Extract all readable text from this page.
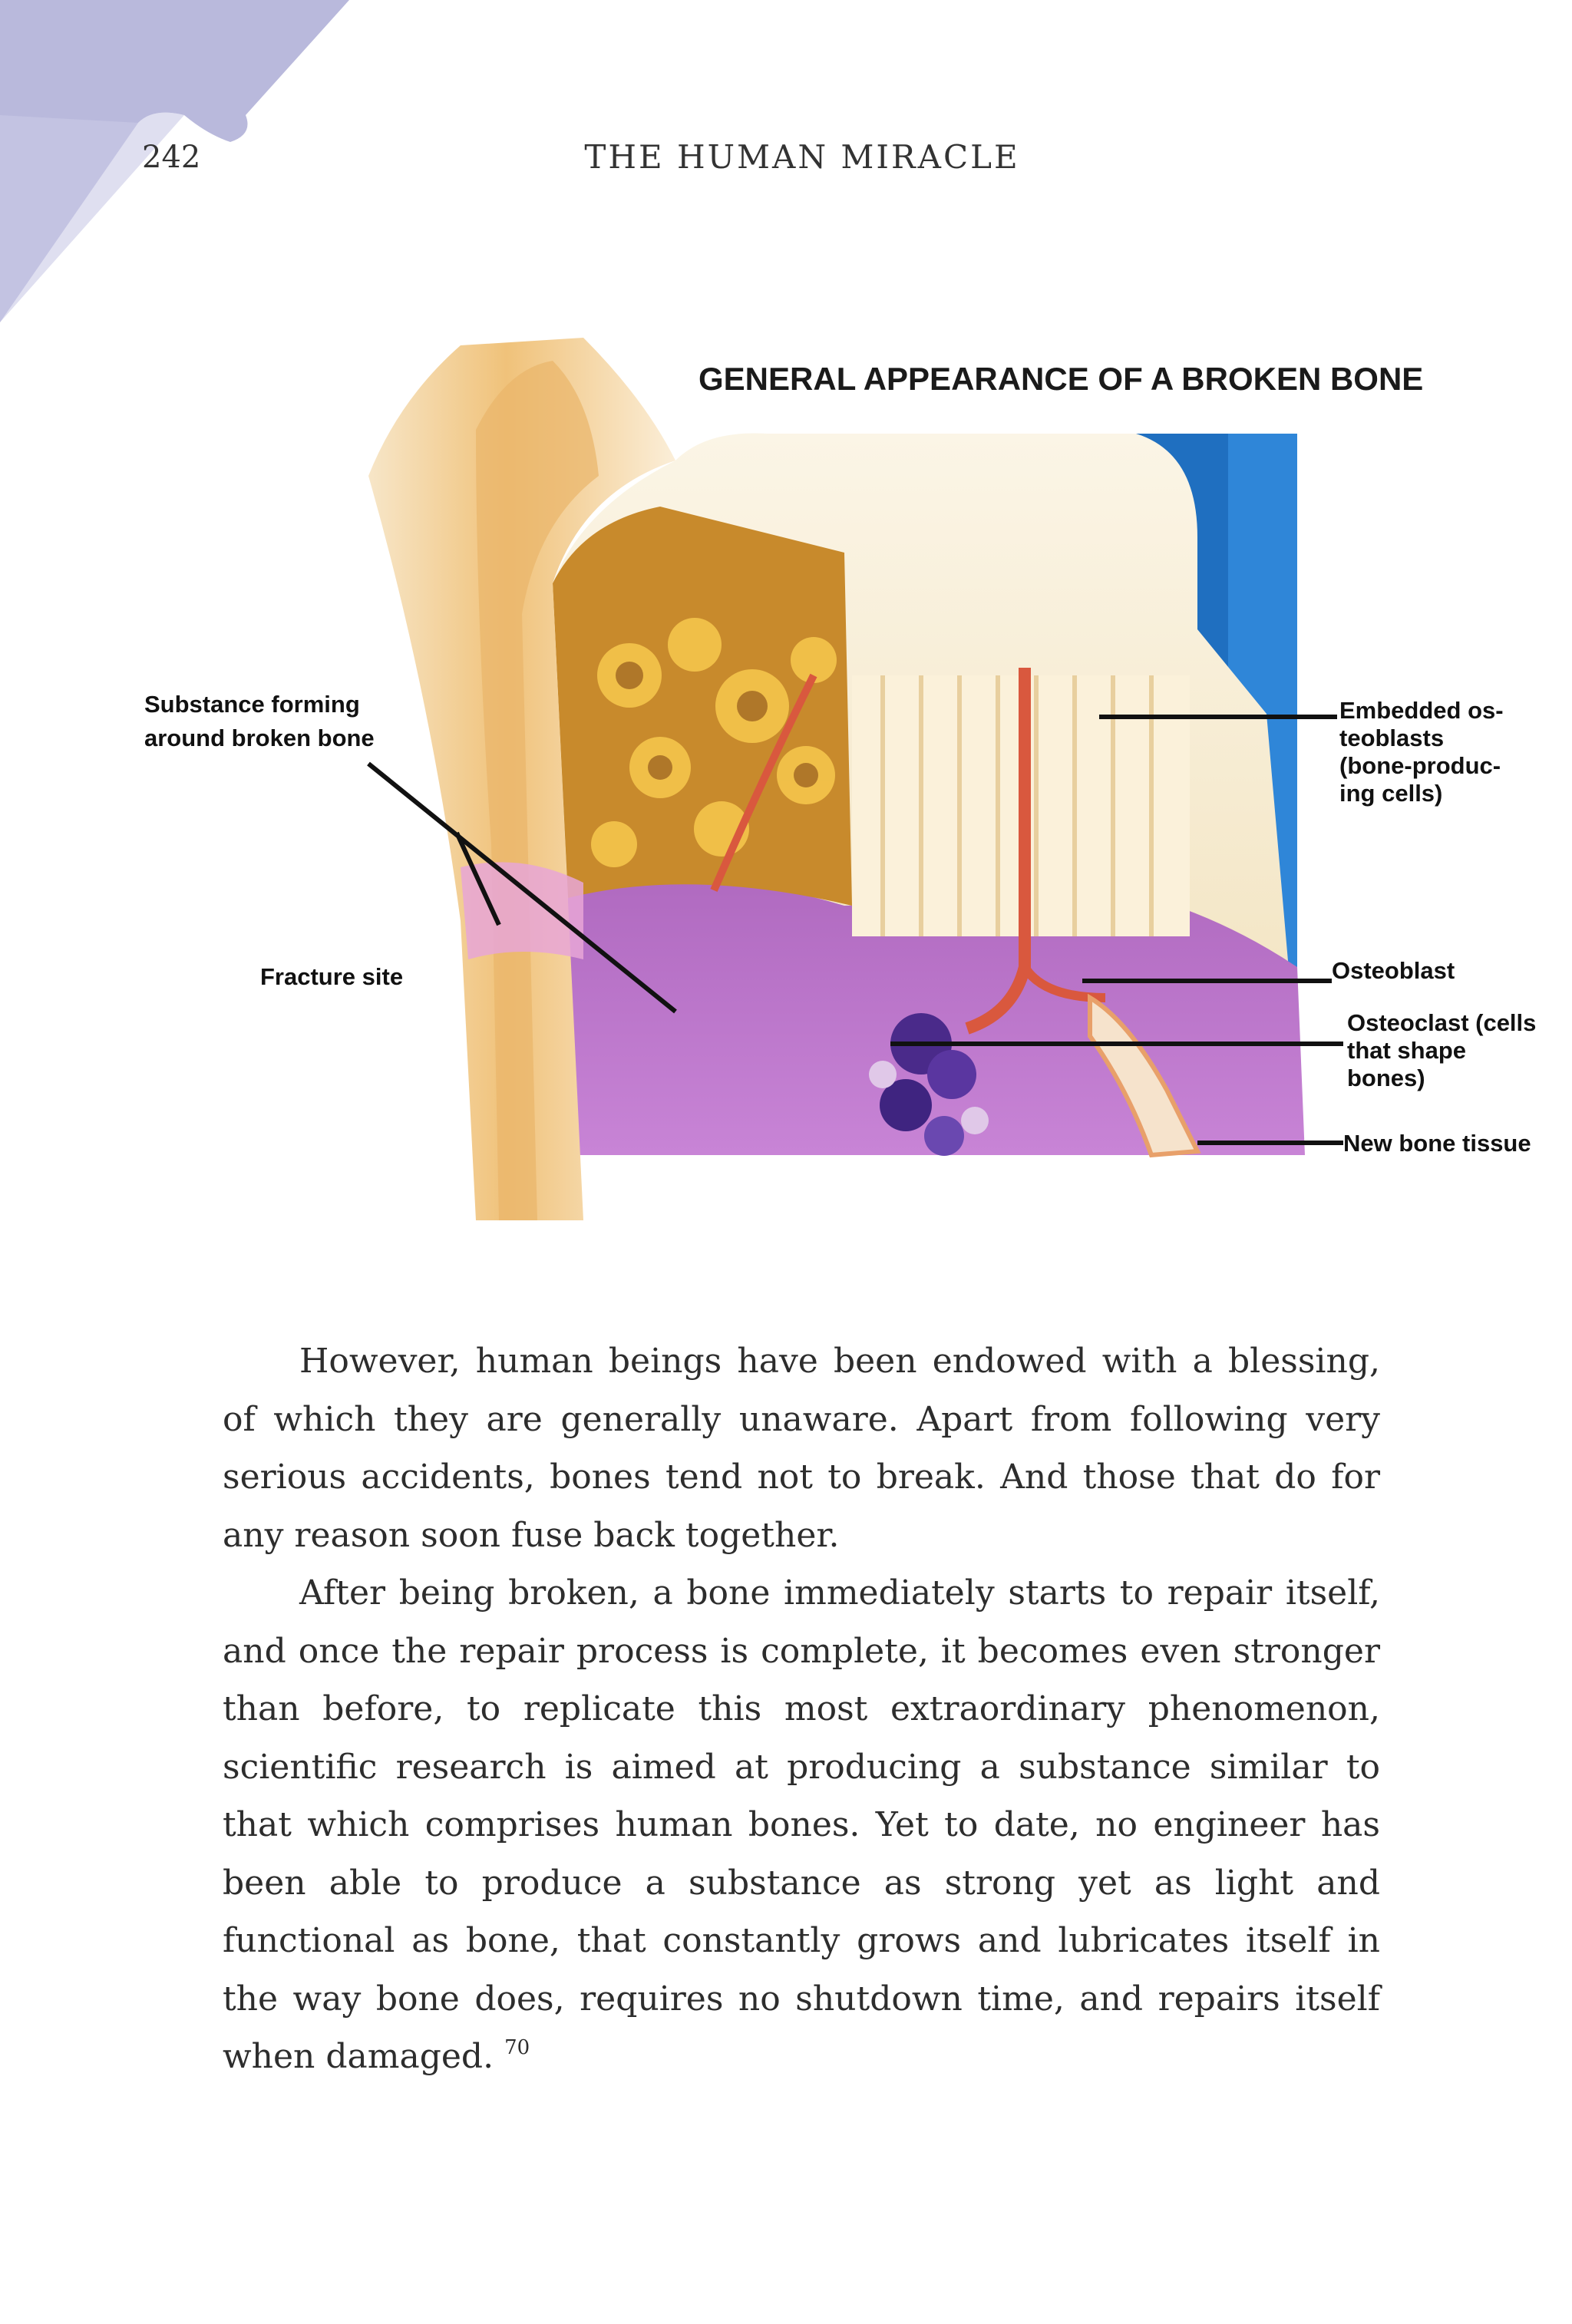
242	THE HUMAN MIRACLE
GENERAL APPEARANCE OF A BROKEN BONE
Substance forming
around broken bone
Fracture site
Embedded os-
teoblasts
(bone-produc-
ing cells)
Osteoblast
Osteoclast (cells
that shape
bones)
New bone tissue

However, human beings have been endowed with a blessing, of which they are generally unaware. Apart from following very serious accidents, bones tend not to break. And those that do for any reason soon fuse back together.

After being broken, a bone immediately starts to repair itself, and once the repair process is complete, it becomes even stronger than before, to replicate this most extraordinary phenomenon, scientific research is aimed at producing a substance similar to that which comprises human bones. Yet to date, no engineer has been able to produce a substance as strong yet as light and functional as bone, that constantly grows and lubricates itself in the way bone does, requires no shutdown time, and repairs itself when damaged. $^{70}$
